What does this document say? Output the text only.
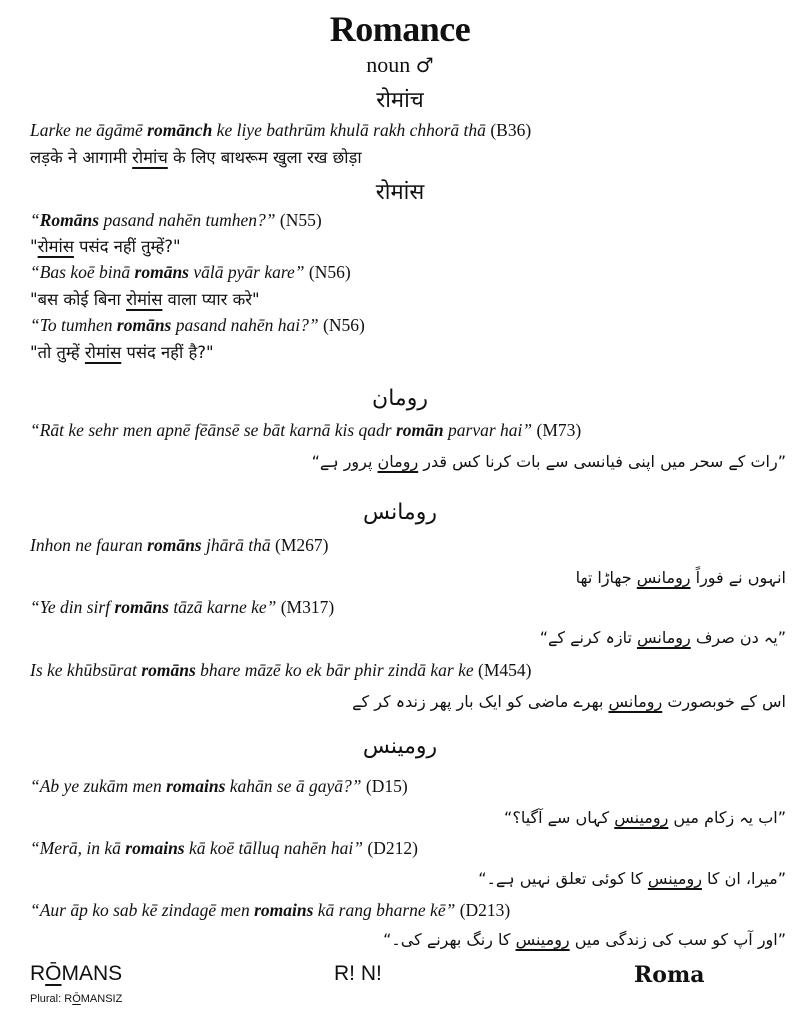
Romance
noun ♂
रोमांच
Larke ne āgāmē romānch ke liye bathrūm khulā rakh chhorā thā (B36)
लड़के ने आगामी रोमांच के लिए बाथरूम खुला रख छोड़ा
रोमांस
“Romāns pasand nahēn tumhen?” (N55)
"रोमांस पसंद नहीं तुम्हें?"
“Bas koē binā romāns vālā pyār kare” (N56)
"बस कोई बिना रोमांस वाला प्यार करे"
“To tumhen romāns pasand nahēn hai?” (N56)
"तो तुम्हें रोमांस पसंद नहीं है?"
رومان
“Rāt ke sehr men apnē fēānsē se bāt karnā kis qadr romān parvar hai” (M73)
”رات کے سحر میں اپنی فیانسی سے بات کرنا کس قدر رومان پرور ہے“
رومانس
Inhon ne fauran romāns jhārā thā (M267)
انہوں نے فوراً رومانس جھاڑا تھا
“Ye din sirf romāns tāzā karne ke” (M317)
”یہ دن صرف رومانس تازہ کرنے کے“
Is ke khūbsūrat romāns bhare māzē ko ek bār phir zindā kar ke (M454)
اس کے خوبصورت رومانس بھرے ماضی کو ایک بار پھر زندہ کر کے
رومینس
“Ab ye zukām men romains kahān se ā gayā?” (D15)
”اب یہ زکام میں رومینس کہاں سے آگیا؟“
“Merā, in kā romains kā koē tālluq nahēn hai” (D212)
”میرا، ان کا رومینس کا کوئی تعلق نہیں ہے۔“
“Aur āp ko sab kē zindagē men romains kā rang bharne kē” (D213)
”اور آپ کو سب کی زندگی میں رومینس کا رنگ بھرنے کی۔“
RŌMANS
Plural: RŌMANSIZ
R! N!	Roma
